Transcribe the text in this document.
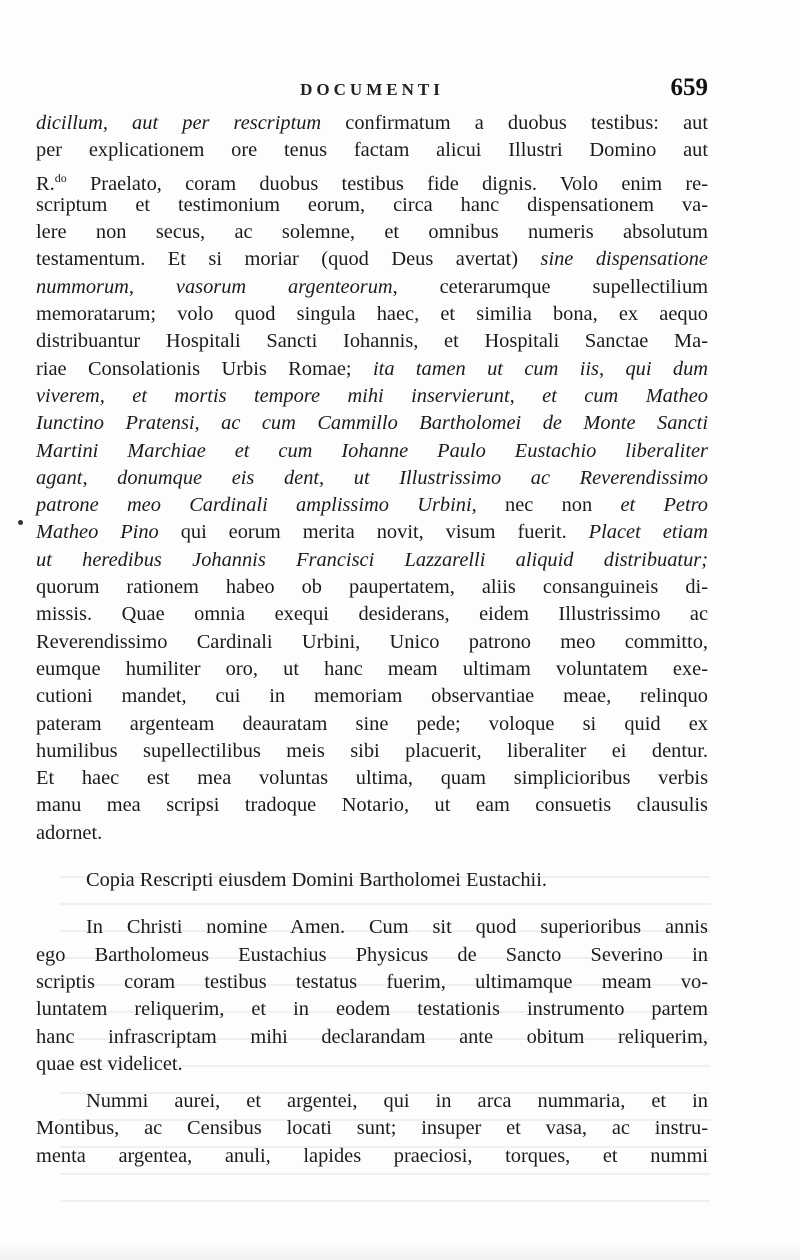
DOCUMENTI	659
dicillum, aut per rescriptum confirmatum a duobus testibus: aut
per explicationem ore tenus factam alicui Illustri Domino aut
R.$^{do}$ Praelato, coram duobus testibus fide dignis. Volo enim re-
scriptum et testimonium eorum, circa hanc dispensationem va-
lere non secus, ac solemne, et omnibus numeris absolutum
testamentum. Et si moriar (quod Deus avertat) sine dispensatione
nummorum, vasorum argenteorum, ceterarumque supellectilium
memoratarum; volo quod singula haec, et similia bona, ex aequo
distribuantur Hospitali Sancti Iohannis, et Hospitali Sanctae Ma-
riae Consolationis Urbis Romae; ita tamen ut cum iis, qui dum
viverem, et mortis tempore mihi inservierunt, et cum Matheo
Iunctino Pratensi, ac cum Cammillo Bartholomei de Monte Sancti
Martini Marchiae et cum Iohanne Paulo Eustachio liberaliter
agant, donumque eis dent, ut Illustrissimo ac Reverendissimo
patrone meo Cardinali amplissimo Urbini, nec non et Petro
Matheo Pino qui eorum merita novit, visum fuerit. Placet etiam
ut heredibus Johannis Francisci Lazzarelli aliquid distribuatur;
quorum rationem habeo ob paupertatem, aliis consanguineis di-
missis. Quae omnia exequi desiderans, eidem Illustrissimo ac
Reverendissimo Cardinali Urbini, Unico patrono meo committo,
eumque humiliter oro, ut hanc meam ultimam voluntatem exe-
cutioni mandet, cui in memoriam observantiae meae, relinquo
pateram argenteam deauratam sine pede; voloque si quid ex
humilibus supellectilibus meis sibi placuerit, liberaliter ei dentur.
Et haec est mea voluntas ultima, quam simplicioribus verbis
manu mea scripsi tradoque Notario, ut eam consuetis clausulis
adornet.
Copia Rescripti eiusdem Domini Bartholomei Eustachii.
In Christi nomine Amen. Cum sit quod superioribus annis
ego Bartholomeus Eustachius Physicus de Sancto Severino in
scriptis coram testibus testatus fuerim, ultimamque meam vo-
luntatem reliquerim, et in eodem testationis instrumento partem
hanc infrascriptam mihi declarandam ante obitum reliquerim,
quae est videlicet.
Nummi aurei, et argentei, qui in arca nummaria, et in
Montibus, ac Censibus locati sunt; insuper et vasa, ac instru-
menta argentea, anuli, lapides praeciosi, torques, et nummi
